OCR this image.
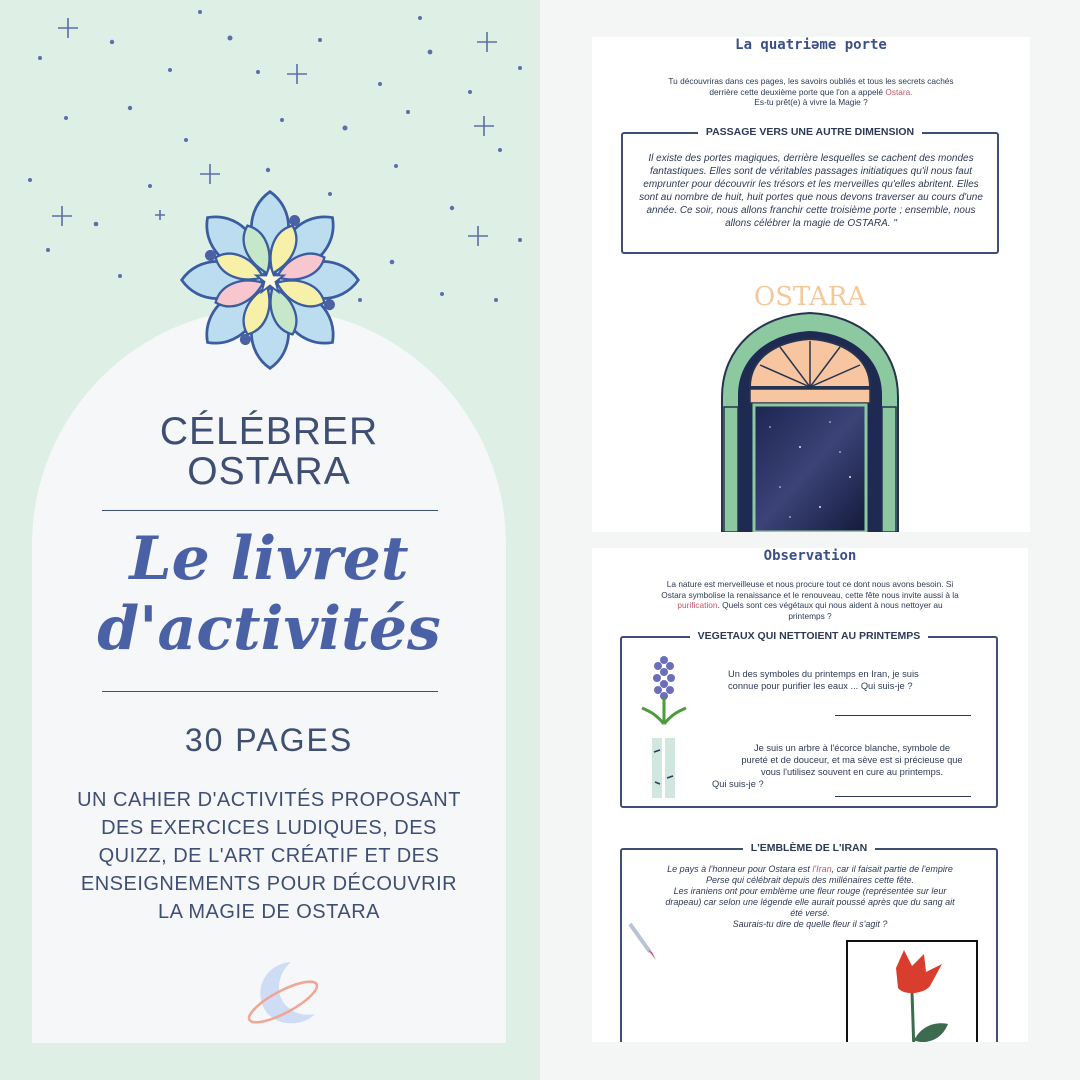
CÉLÉBRER
OSTARA
Le livret
d'activités
30 PAGES
UN CAHIER D'ACTIVITÉS PROPOSANT DES EXERCICES LUDIQUES, DES QUIZZ, DE L'ART CRÉATIF ET DES ENSEIGNEMENTS POUR DÉCOUVRIR LA MAGIE DE OSTARA
La quatriəme porte
Tu découvriras dans ces pages, les savoirs oubliés et tous les secrets cachés
derrière cette deuxième porte que l'on a appelé Ostara.
Es-tu prêt(e) à vivre la Magie ?
PASSAGE VERS UNE AUTRE DIMENSION
Il existe des portes magiques, derrière lesquelles se cachent des mondes fantastiques. Elles sont de véritables passages initiatiques qu'il nous faut emprunter pour découvrir les trésors et les merveilles qu'elles abritent. Elles sont au nombre de huit, huit portes que nous devons traverser au cours d'une année. Ce soir, nous allons franchir cette troisième porte ; ensemble, nous allons célébrer la magie de OSTARA. "
OSTARA
Observation
La nature est merveilleuse et nous procure tout ce dont nous avons besoin. Si
Ostara symbolise la renaissance et le renouveau, cette fête nous invite aussi à la
purification. Quels sont ces végétaux qui nous aident à nous nettoyer au
printemps ?
VEGETAUX QUI NETTOIENT AU PRINTEMPS
Un des symboles du printemps en Iran, je suis
connue pour purifier les eaux ... Qui suis-je ?
Je suis un arbre à l'écorce blanche, symbole de
pureté et de douceur, et ma sève est si précieuse que
vous l'utilisez souvent en cure au printemps.
Qui suis-je ?
L'EMBLÈME DE L'IRAN
Le pays à l'honneur pour Ostara est l'Iran, car il faisait partie de l'empire
Perse qui célébrait depuis des millénaires cette fête.
Les iraniens ont pour emblème une fleur rouge (représentée sur leur
drapeau) car selon une légende elle aurait poussé après que du sang ait
été versé.
Saurais-tu dire de quelle fleur il s'agit ?
